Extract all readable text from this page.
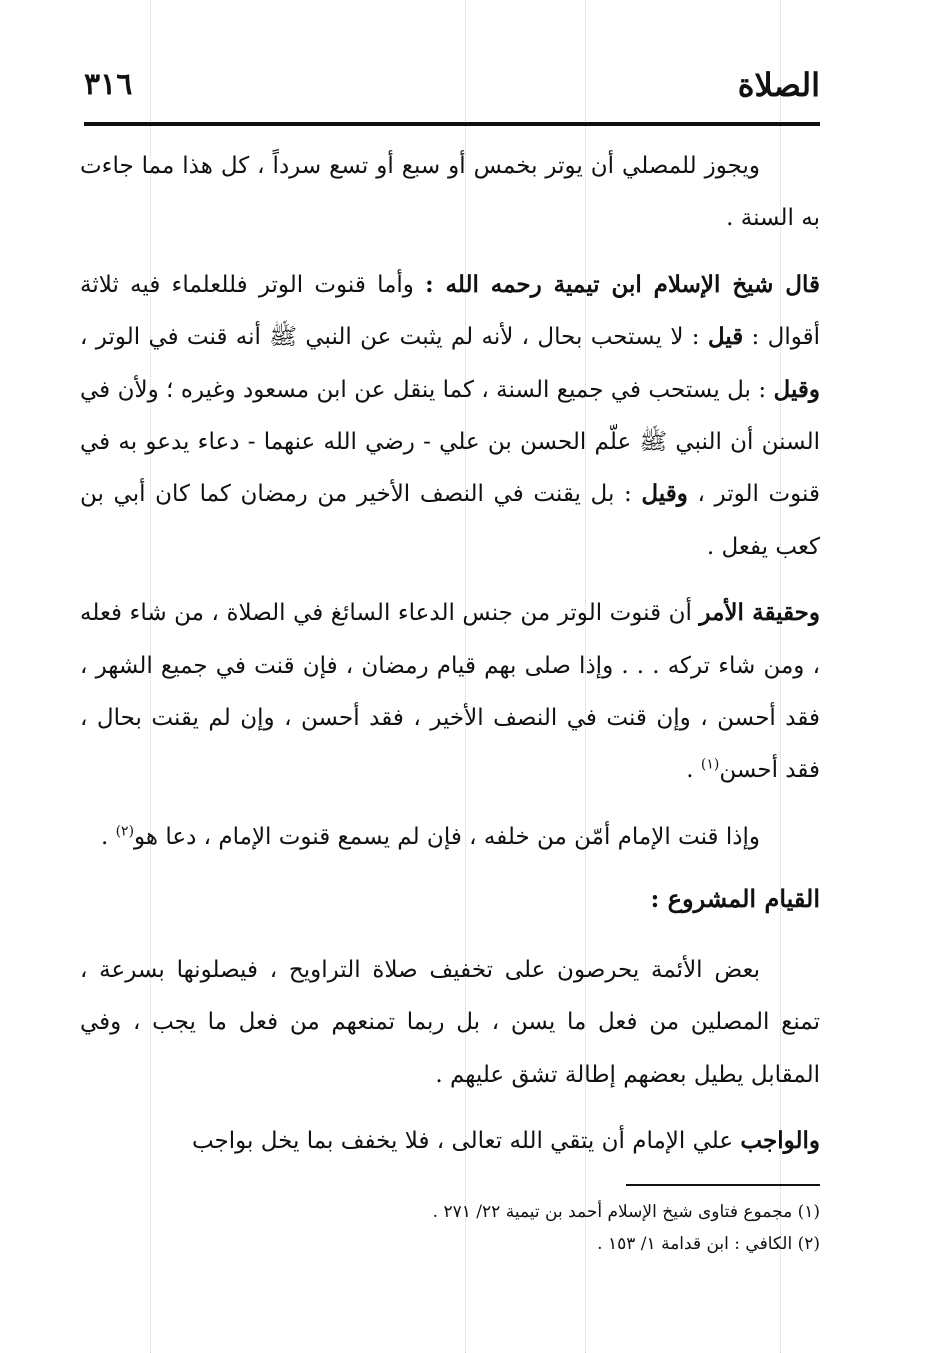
الصلاة
٣١٦

ويجوز للمصلي أن يوتر بخمس أو سبع أو تسع سرداً ، كل هذا مما جاءت به السنة .

قال شيخ الإسلام ابن تيمية رحمه الله : وأما قنوت الوتر فللعلماء فيه ثلاثة أقوال : قيل : لا يستحب بحال ، لأنه لم يثبت عن النبي ﷺ أنه قنت في الوتر ، وقيل : بل يستحب في جميع السنة ، كما ينقل عن ابن مسعود وغيره ؛ ولأن في السنن أن النبي ﷺ علّم الحسن بن علي - رضي الله عنهما - دعاء يدعو به في قنوت الوتر ، وقيل : بل يقنت في النصف الأخير من رمضان كما كان أبي بن كعب يفعل .

وحقيقة الأمر أن قنوت الوتر من جنس الدعاء السائغ في الصلاة ، من شاء فعله ، ومن شاء تركه . . . وإذا صلى بهم قيام رمضان ، فإن قنت في جميع الشهر ، فقد أحسن ، وإن قنت في النصف الأخير ، فقد أحسن ، وإن لم يقنت بحال ، فقد أحسن$^{(١)}$ .

وإذا قنت الإمام أمّن من خلفه ، فإن لم يسمع قنوت الإمام ، دعا هو$^{(٢)}$ .

القيام المشروع :

بعض الأئمة يحرصون على تخفيف صلاة التراويح ، فيصلونها بسرعة ، تمنع المصلين من فعل ما يسن ، بل ربما تمنعهم من فعل ما يجب ، وفي المقابل يطيل بعضهم إطالة تشق عليهم .

والواجب علي الإمام أن يتقي الله تعالى ، فلا يخفف بما يخل بواجب

(١) مجموع فتاوى شيخ الإسلام أحمد بن تيمية ٢٢/ ٢٧١ .

(٢) الكافي : ابن قدامة ١/ ١٥٣ .
